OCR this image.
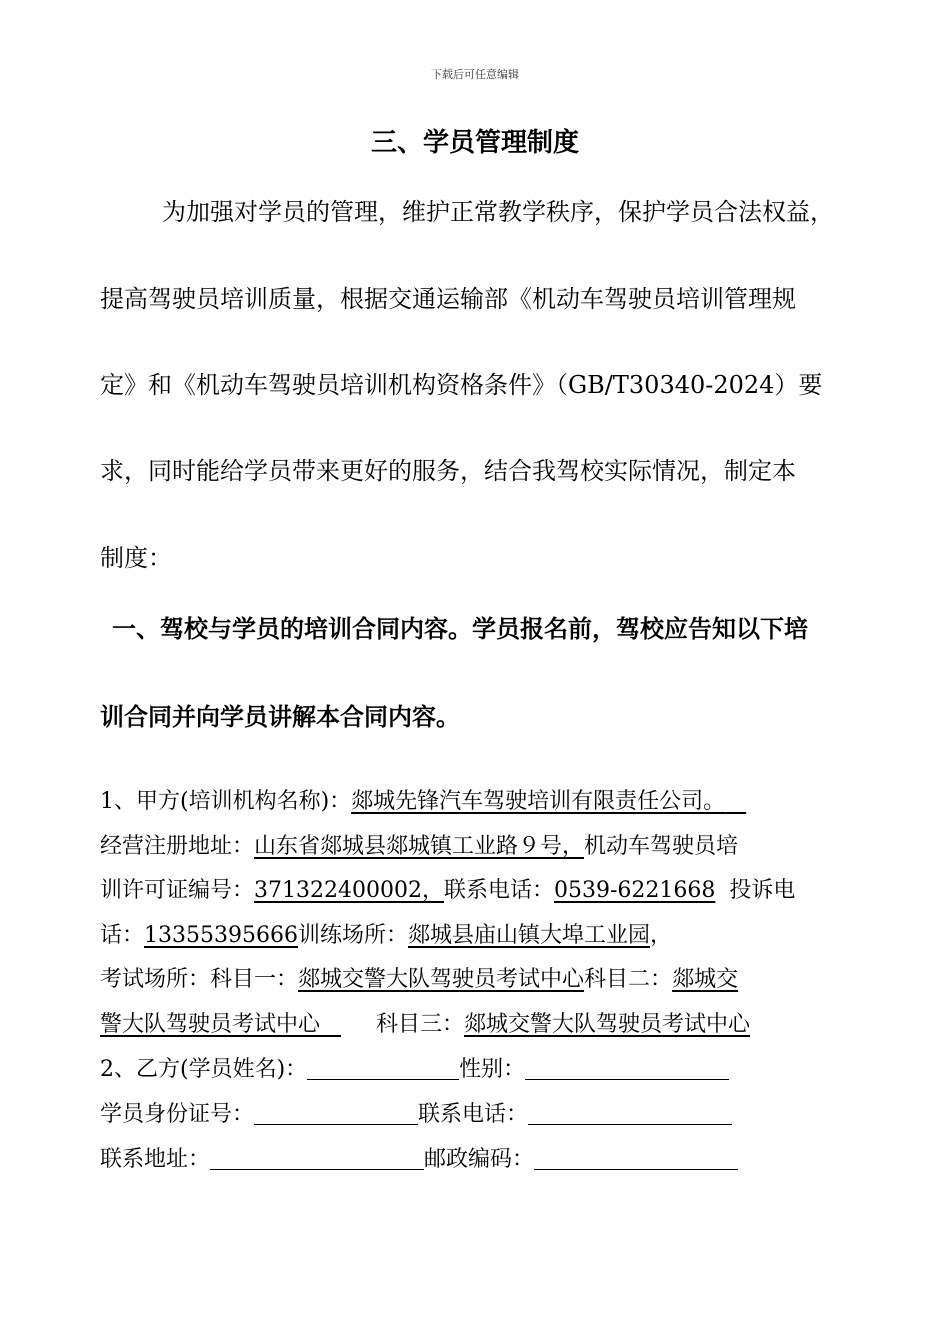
下载后可任意编辑
三、学员管理制度
为加强对学员的管理，维护正常教学秩序，保护学员合法权益，
提高驾驶员培训质量，根据交通运输部《机动车驾驶员培训管理规
定》和《机动车驾驶员培训机构资格条件》（GB/T30340-2024）要
求，同时能给学员带来更好的服务，结合我驾校实际情况，制定本
制度：
一、驾校与学员的培训合同内容。学员报名前，驾校应告知以下培
训合同并向学员讲解本合同内容。
1、甲方(培训机构名称)：郯城先锋汽车驾驶培训有限责任公司。
经营注册地址：山东省郯城县郯城镇工业路９号，机动车驾驶员培
训许可证编号：371322400002，联系电话：0539-6221668 投诉电
话：13355395666训练场所：郯城县庙山镇大埠工业园，
考试场所：科目一：郯城交警大队驾驶员考试中心科目二：郯城交
警大队驾驶员考试中心	科目三：郯城交警大队驾驶员考试中心
2、乙方(学员姓名)：	性别：
学员身份证号：	联系电话：
联系地址：	邮政编码：
